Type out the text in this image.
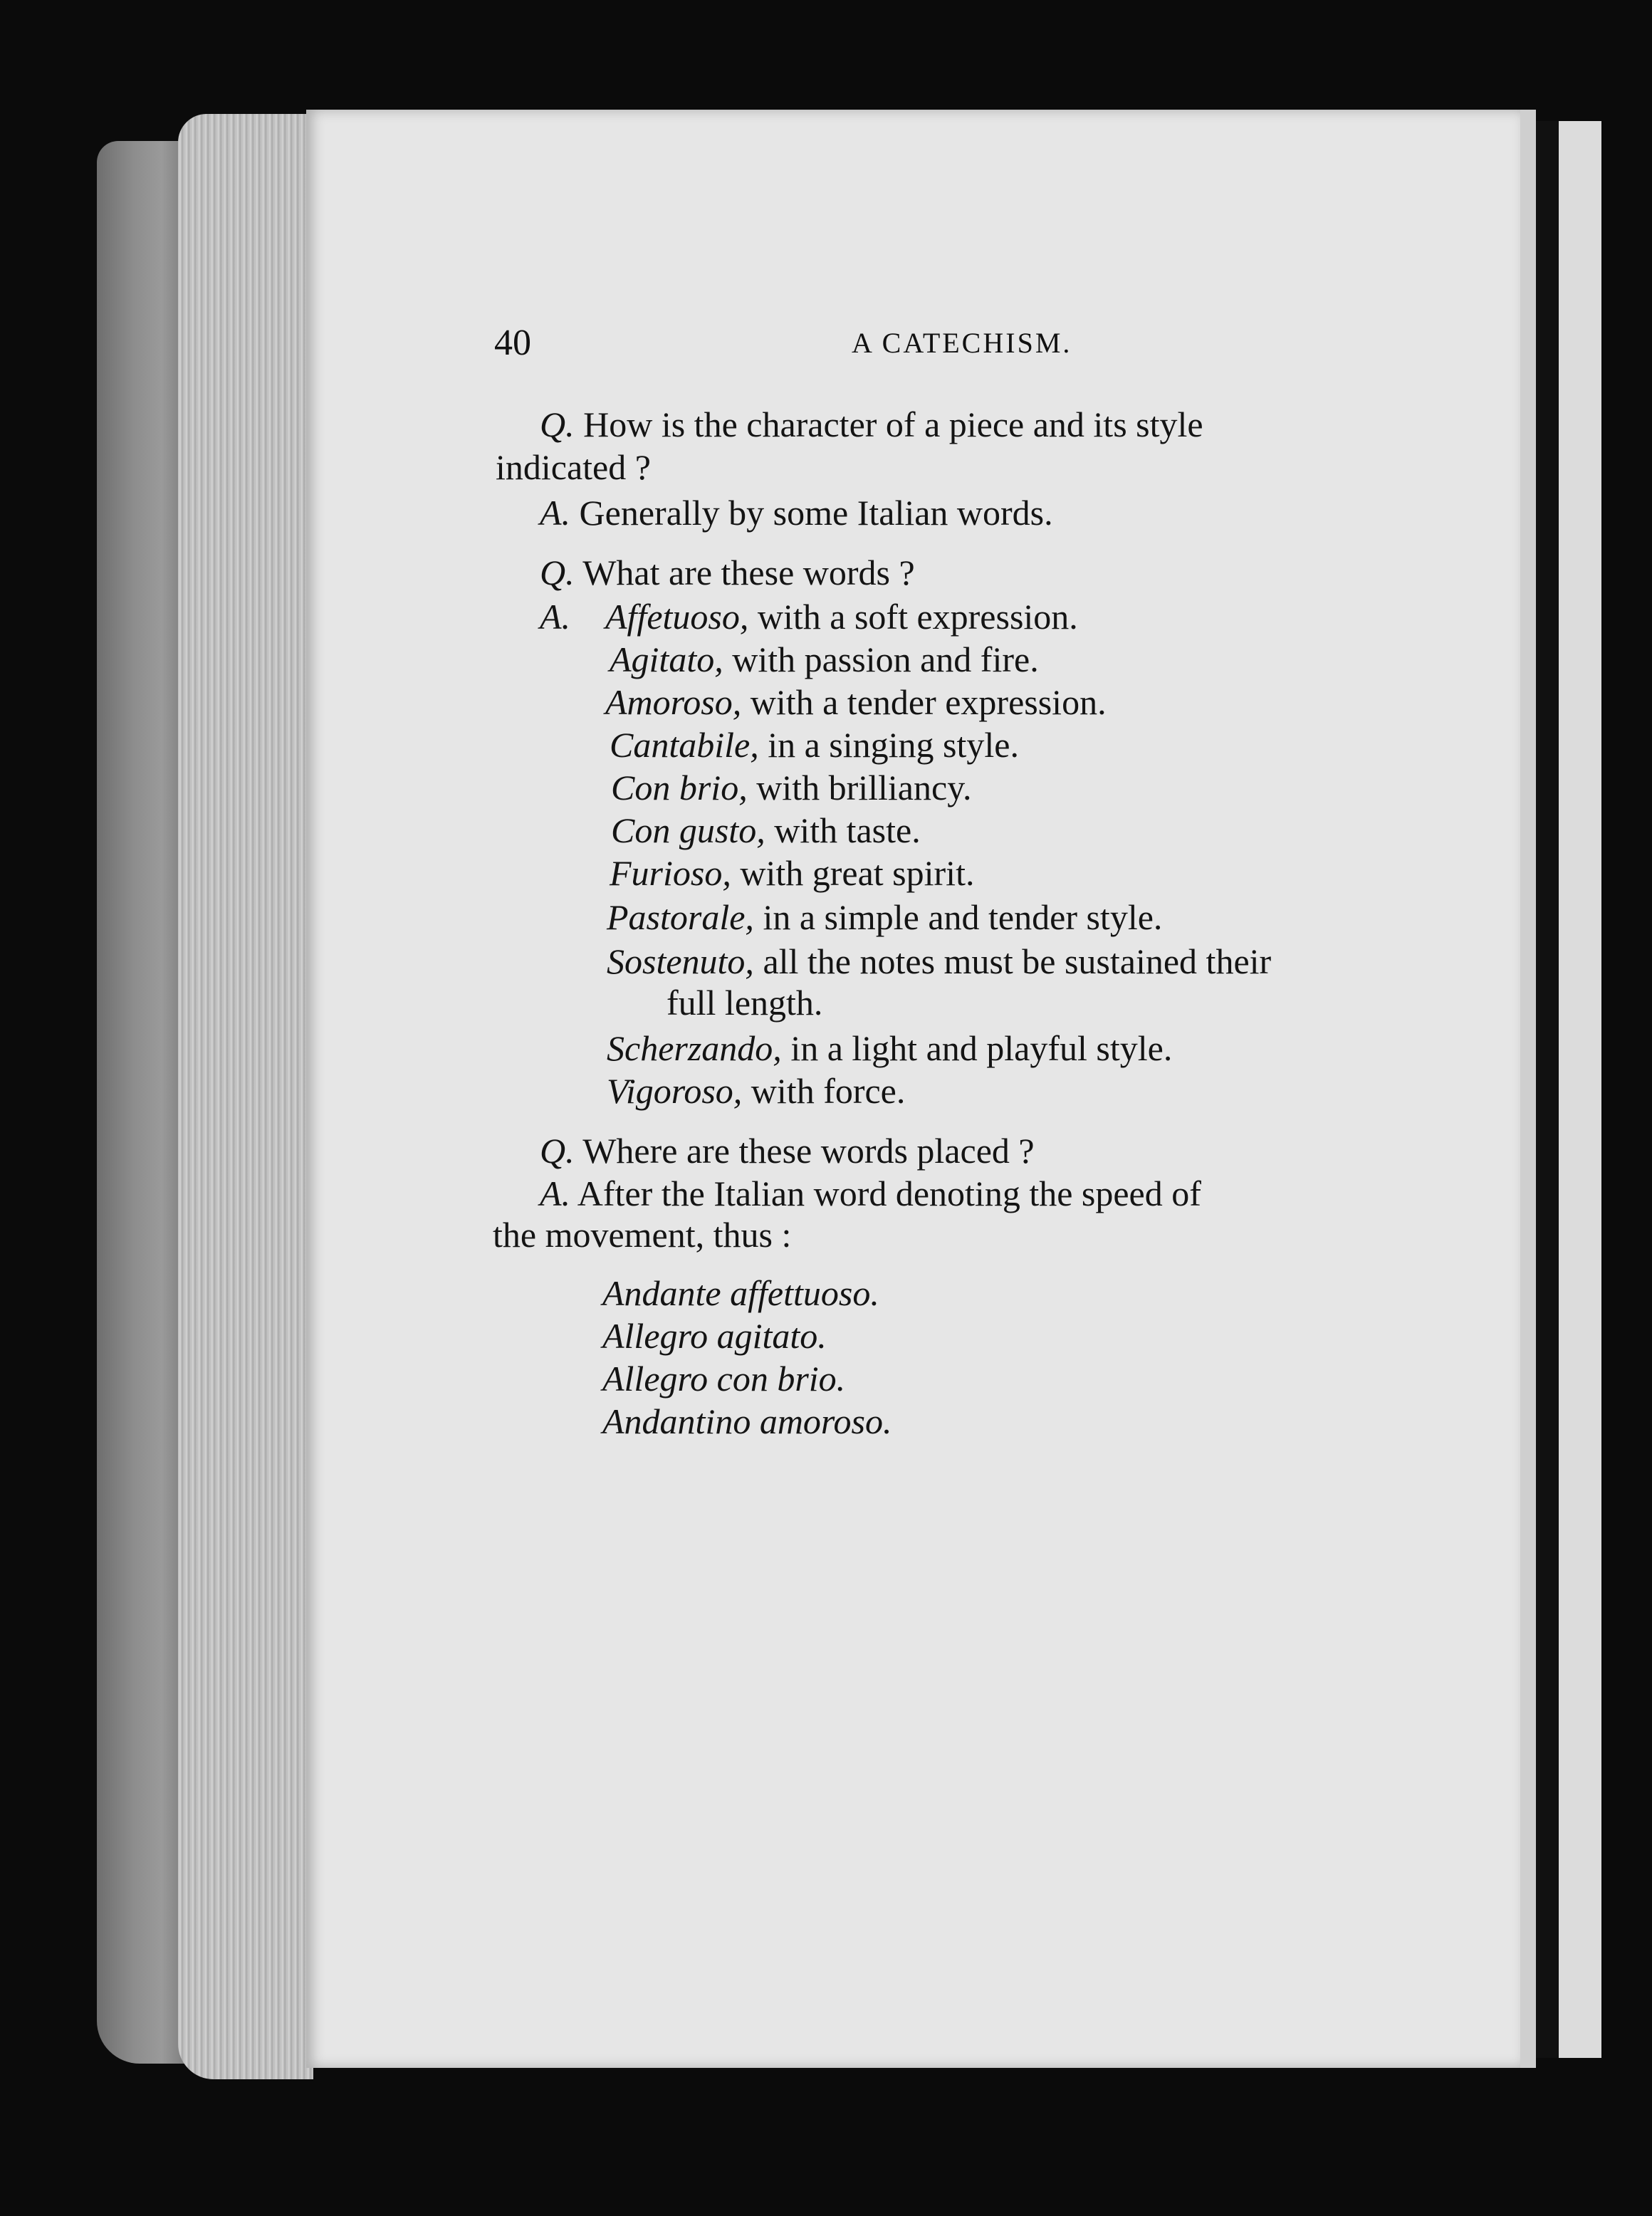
40	A CATECHISM.
Q. How is the character of a piece and its style
indicated ?
A. Generally by some Italian words.
Q. What are these words ?
A. Affetuoso, with a soft expression.
Agitato, with passion and fire.
Amoroso, with a tender expression.
Cantabile, in a singing style.
Con brio, with brilliancy.
Con gusto, with taste.
Furioso, with great spirit.
Pastorale, in a simple and tender style.
Sostenuto, all the notes must be sustained their
full length.
Scherzando, in a light and playful style.
Vigoroso, with force.
Q. Where are these words placed ?
A. After the Italian word denoting the speed of
the movement, thus :
Andante affettuoso.
Allegro agitato.
Allegro con brio.
Andantino amoroso.
